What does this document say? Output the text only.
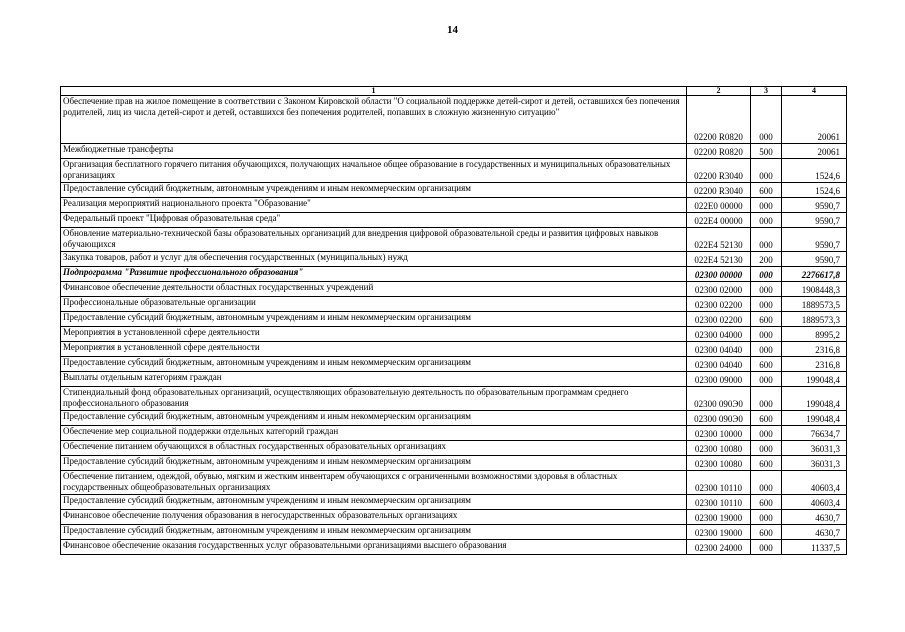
14
1	2	3	4
Обеспечение прав на жилое помещение в соответствии с Законом Кировской области "О социальной поддержке детей-сирот и детей, оставшихся без попечения родителей, лиц из числа детей-сирот и детей, оставшихся без попечения родителей, попавших в сложную жизненную ситуацию"	02200 R0820	000	20061
Межбюджетные трансферты	02200 R0820	500	20061
Организация бесплатного горячего питания обучающихся, получающих начальное общее образование в государственных и муниципальных образовательных организациях	02200 R3040	000	1524,6
Предоставление субсидий бюджетным, автономным учреждениям и иным некоммерческим организациям	02200 R3040	600	1524,6
Реализация мероприятий национального проекта "Образование"	022Е0 00000	000	9590,7
Федеральный проект "Цифровая образовательная среда"	022Е4 00000	000	9590,7
Обновление материально-технической базы образовательных организаций для внедрения цифровой образовательной среды и развития цифровых навыков обучающихся	022Е4 52130	000	9590,7
Закупка товаров, работ и услуг для обеспечения государственных (муниципальных) нужд	022Е4 52130	200	9590,7
Подпрограмма "Развитие профессионального образования"	02300 00000	000	2276617,8
Финансовое обеспечение деятельности областных государственных учреждений	02300 02000	000	1908448,3
Профессиональные образовательные организации	02300 02200	000	1889573,5
Предоставление субсидий бюджетным, автономным учреждениям и иным некоммерческим организациям	02300 02200	600	1889573,3
Мероприятия в установленной сфере деятельности	02300 04000	000	8995,2
Мероприятия в установленной сфере деятельности	02300 04040	000	2316,8
Предоставление субсидий бюджетным, автономным учреждениям и иным некоммерческим организациям	02300 04040	600	2316,8
Выплаты отдельным категориям граждан	02300 09000	000	199048,4
Стипендиальный фонд образовательных организаций, осуществляющих образовательную деятельность по образовательным программам среднего профессионального образования	02300 090Э0	000	199048,4
Предоставление субсидий бюджетным, автономным учреждениям и иным некоммерческим организациям	02300 090Э0	600	199048,4
Обеспечение мер социальной поддержки отдельных категорий граждан	02300 10000	000	76634,7
Обеспечение питанием обучающихся в областных государственных образовательных организациях	02300 10080	000	36031,3
Предоставление субсидий бюджетным, автономным учреждениям и иным некоммерческим организациям	02300 10080	600	36031,3
Обеспечение питанием, одеждой, обувью, мягким и жестким инвентарем обучающихся с ограниченными возможностями здоровья в областных государственных общеобразовательных организациях	02300 10110	000	40603,4
Предоставление субсидий бюджетным, автономным учреждениям и иным некоммерческим организациям	02300 10110	600	40603,4
Финансовое обеспечение получения образования в негосударственных образовательных организациях	02300 19000	000	4630,7
Предоставление субсидий бюджетным, автономным учреждениям и иным некоммерческим организациям	02300 19000	600	4630,7
Финансовое обеспечение оказания государственных услуг образовательными организациями высшего образования	02300 24000	000	11337,5
